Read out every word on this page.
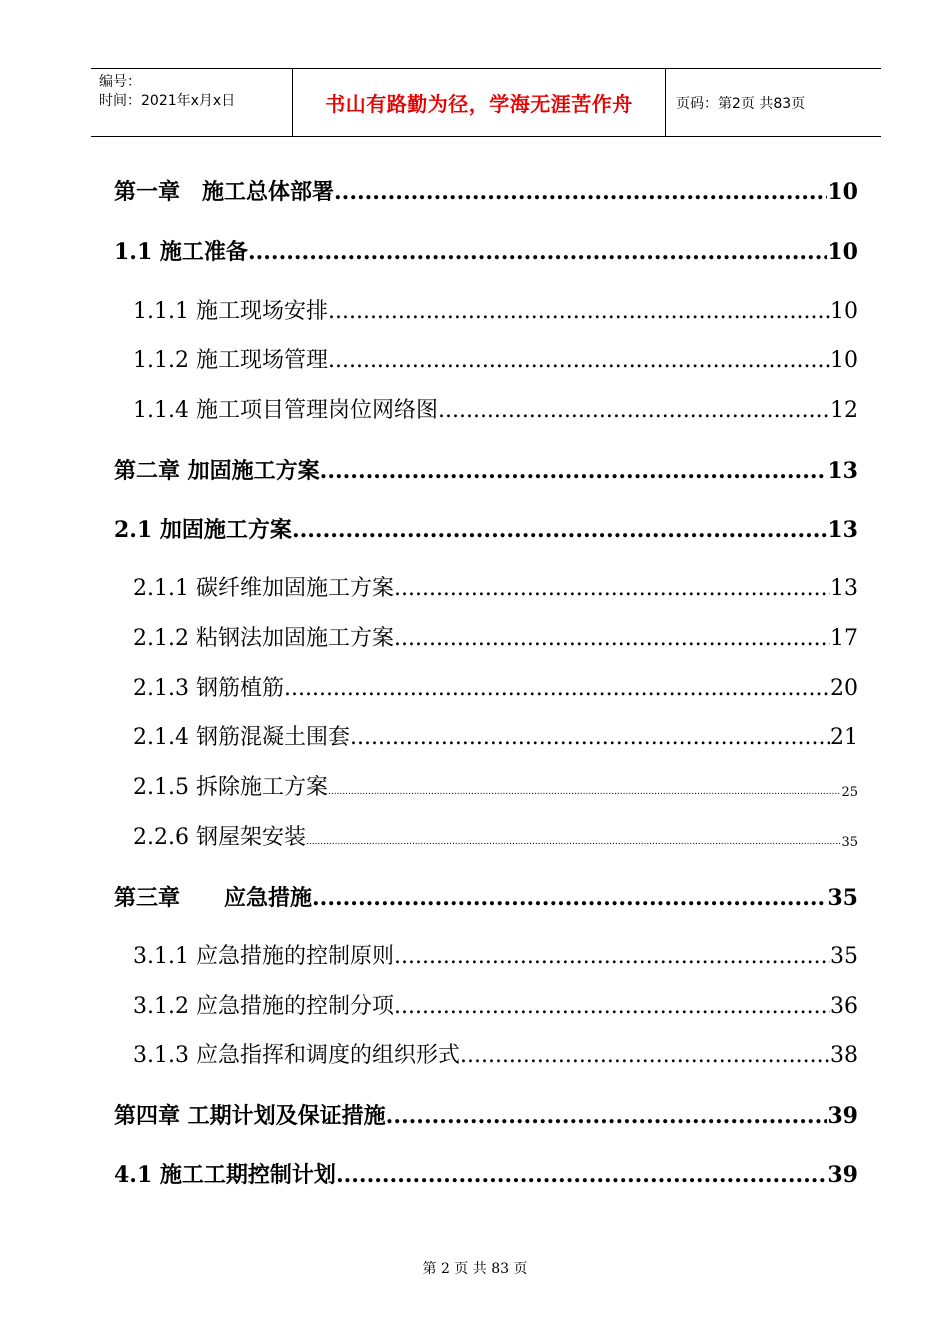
编号：
时间：2021年x月x日	书山有路勤为径，学海无涯苦作舟	页码：第2页 共83页
第一章　施工总体部署 .....	10
1.1 施工准备 .....	10
1.1.1 施工现场安排 .....	10
1.1.2 施工现场管理 .....	10
1.1.4 施工项目管理岗位网络图 .....	12
第二章 加固施工方案 .....	13
2.1 加固施工方案 .....	13
2.1.1 碳纤维加固施工方案 .....	13
2.1.2 粘钢法加固施工方案 .....	17
2.1.3 钢筋植筋 .....	20
2.1.4 钢筋混凝土围套 .....	21
2.1.5 拆除施工方案 .....	25
2.2.6 钢屋架安装 .....	35
第三章　　应急措施 .....	35
3.1.1 应急措施的控制原则 .....	35
3.1.2 应急措施的控制分项 .....	36
3.1.3 应急指挥和调度的组织形式 .....	38
第四章 工期计划及保证措施 .....	39
4.1 施工工期控制计划 .....	39
第 2 页 共 83 页
